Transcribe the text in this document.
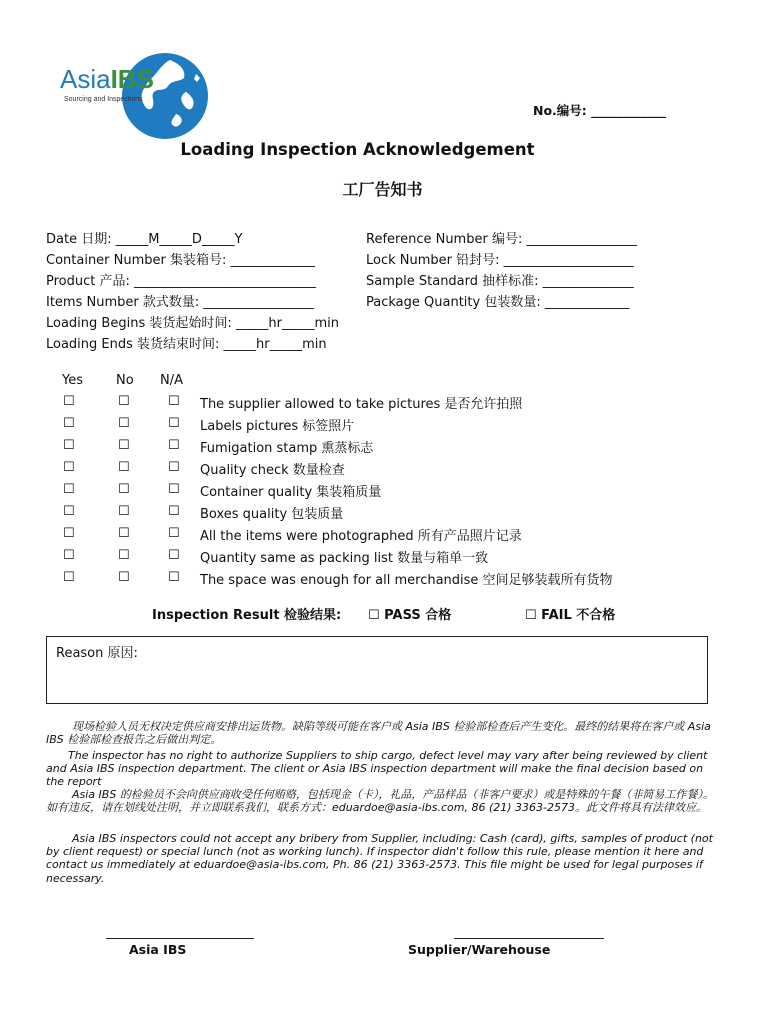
AsiaIBS
Sourcing and Inspections
No.编号: ____________
Loading Inspection Acknowledgement
工厂告知书
Date 日期: _____M_____D_____Y
Container Number 集装箱号: _____________
Product 产品: ____________________________
Items Number 款式数量: _________________
Loading Begins 装货起始时间: _____hr_____min
Loading Ends 装货结束时间: _____hr_____min
Reference Number 编号: _________________
Lock Number 铅封号: ____________________
Sample Standard 抽样标准: ______________
Package Quantity 包装数量: _____________
Yes	No N/A
☐	☐	☐ The supplier allowed to take pictures 是否允许拍照
☐	☐	☐ Labels pictures 标签照片
☐	☐	☐ Fumigation stamp 熏蒸标志
☐	☐	☐ Quality check 数量检查
☐	☐	☐ Container quality 集装箱质量
☐	☐	☐ Boxes quality 包装质量
☐	☐	☐ All the items were photographed 所有产品照片记录
☐	☐	☐ Quantity same as packing list 数量与箱单一致
☐	☐	☐ The space was enough for all merchandise 空间足够装载所有货物
Inspection Result 检验结果: ☐ PASS 合格	☐ FAIL 不合格
Reason 原因:
现场检验人员无权决定供应商安排出运货物。缺陷等级可能在客户或 Asia IBS 检验部检查后产生变化。最终的结果将在客户或 Asia IBS 检验部检查报告之后做出判定。
The inspector has no right to authorize Suppliers to ship cargo, defect level may vary after being reviewed by client and Asia IBS inspection department. The client or Asia IBS inspection department will make the final decision based on the report
Asia IBS 的检验员不会向供应商收受任何贿赂，包括现金（卡），礼品，产品样品（非客户要求）或是特殊的午餐（非简易工作餐）。如有违反，请在划线处注明，并立即联系我们，联系方式：eduardoe@asia-ibs.com, 86 (21) 3363-2573。此文件将具有法律效应。
Asia IBS inspectors could not accept any bribery from Supplier, including: Cash (card), gifts, samples of product (not by client request) or special lunch (not as working lunch). If inspector didn't follow this rule, please mention it here and contact us immediately at eduardoe@asia-ibs.com, Ph. 86 (21) 3363-2573. This file might be used for legal purposes if necessary.
Asia IBS	Supplier/Warehouse
